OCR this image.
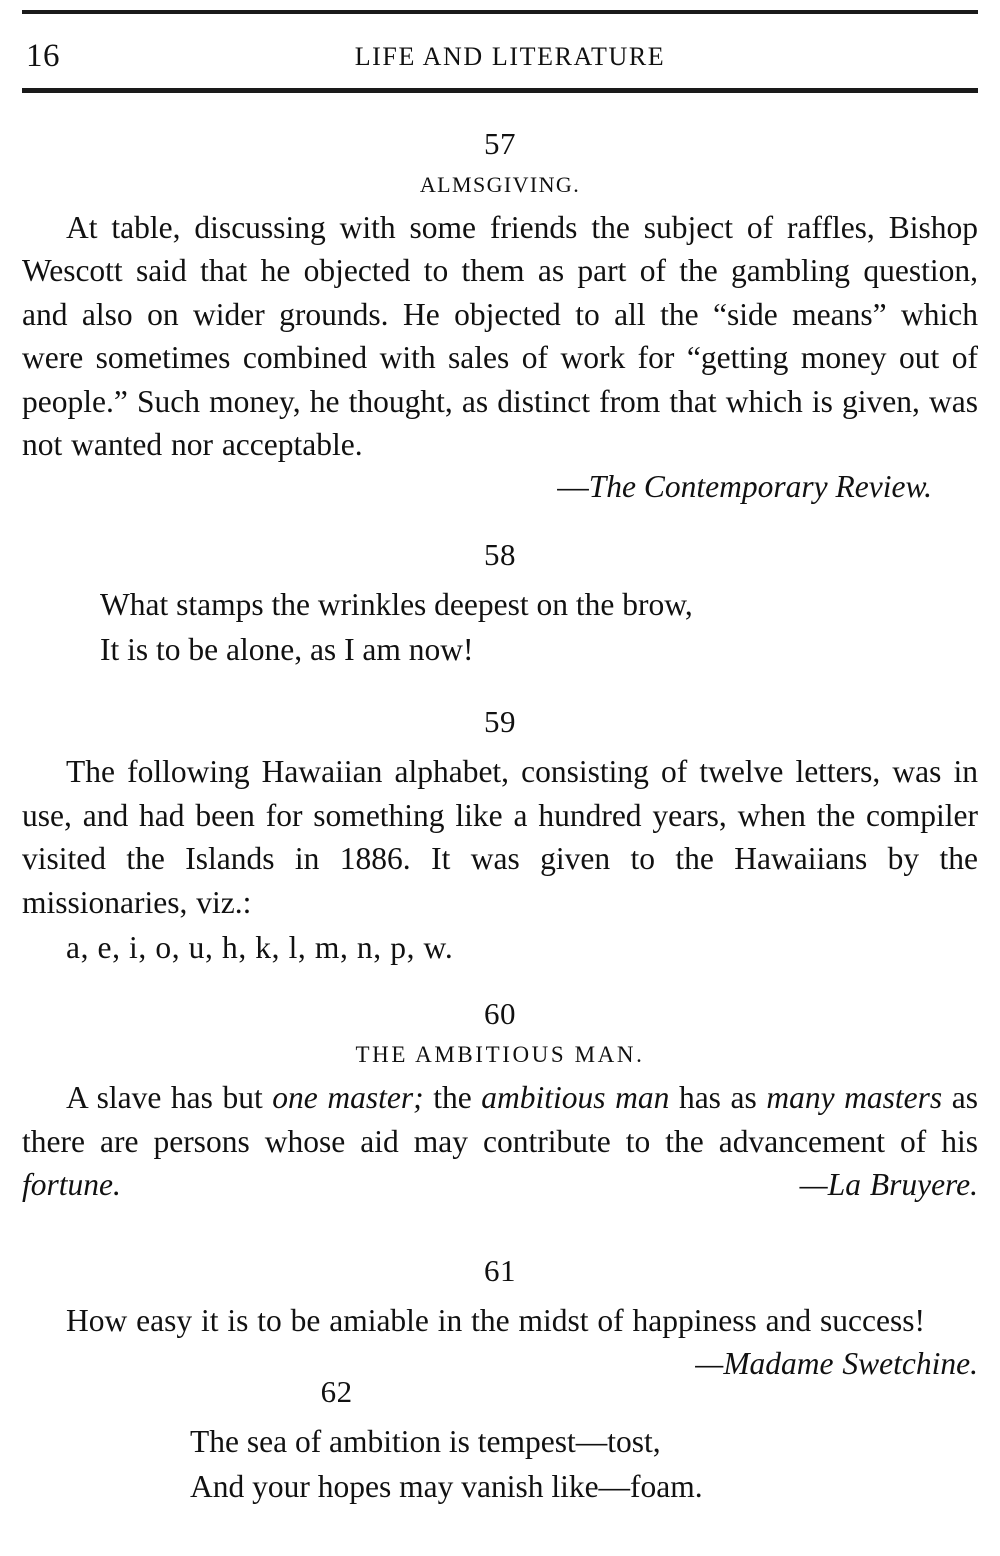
16	LIFE AND LITERATURE
57
ALMSGIVING.

At table, discussing with some friends the subject of raffles, Bishop Wescott said that he objected to them as part of the gambling question, and also on wider grounds. He objected to all the “side means” which were sometimes combined with sales of work for “getting money out of people.” Such money, he thought, as distinct from that which is given, was not wanted nor acceptable.

—The Contemporary Review.

58

What stamps the wrinkles deepest on the brow,

It is to be alone, as I am now!

59

The following Hawaiian alphabet, consisting of twelve letters, was in use, and had been for something like a hundred years, when the compiler visited the Islands in 1886. It was given to the Hawaiians by the missionaries, viz.:

a, e, i, o, u, h, k, l, m, n, p, w.

60
THE AMBITIOUS MAN.

A slave has but one master; the ambitious man has as many masters as there are persons whose aid may contribute to the advancement of his fortune.	—La Bruyere.

61

How easy it is to be amiable in the midst of happiness and success!
—Madame Swetchine.

62

The sea of ambition is tempest—tost,

And your hopes may vanish like—foam.
